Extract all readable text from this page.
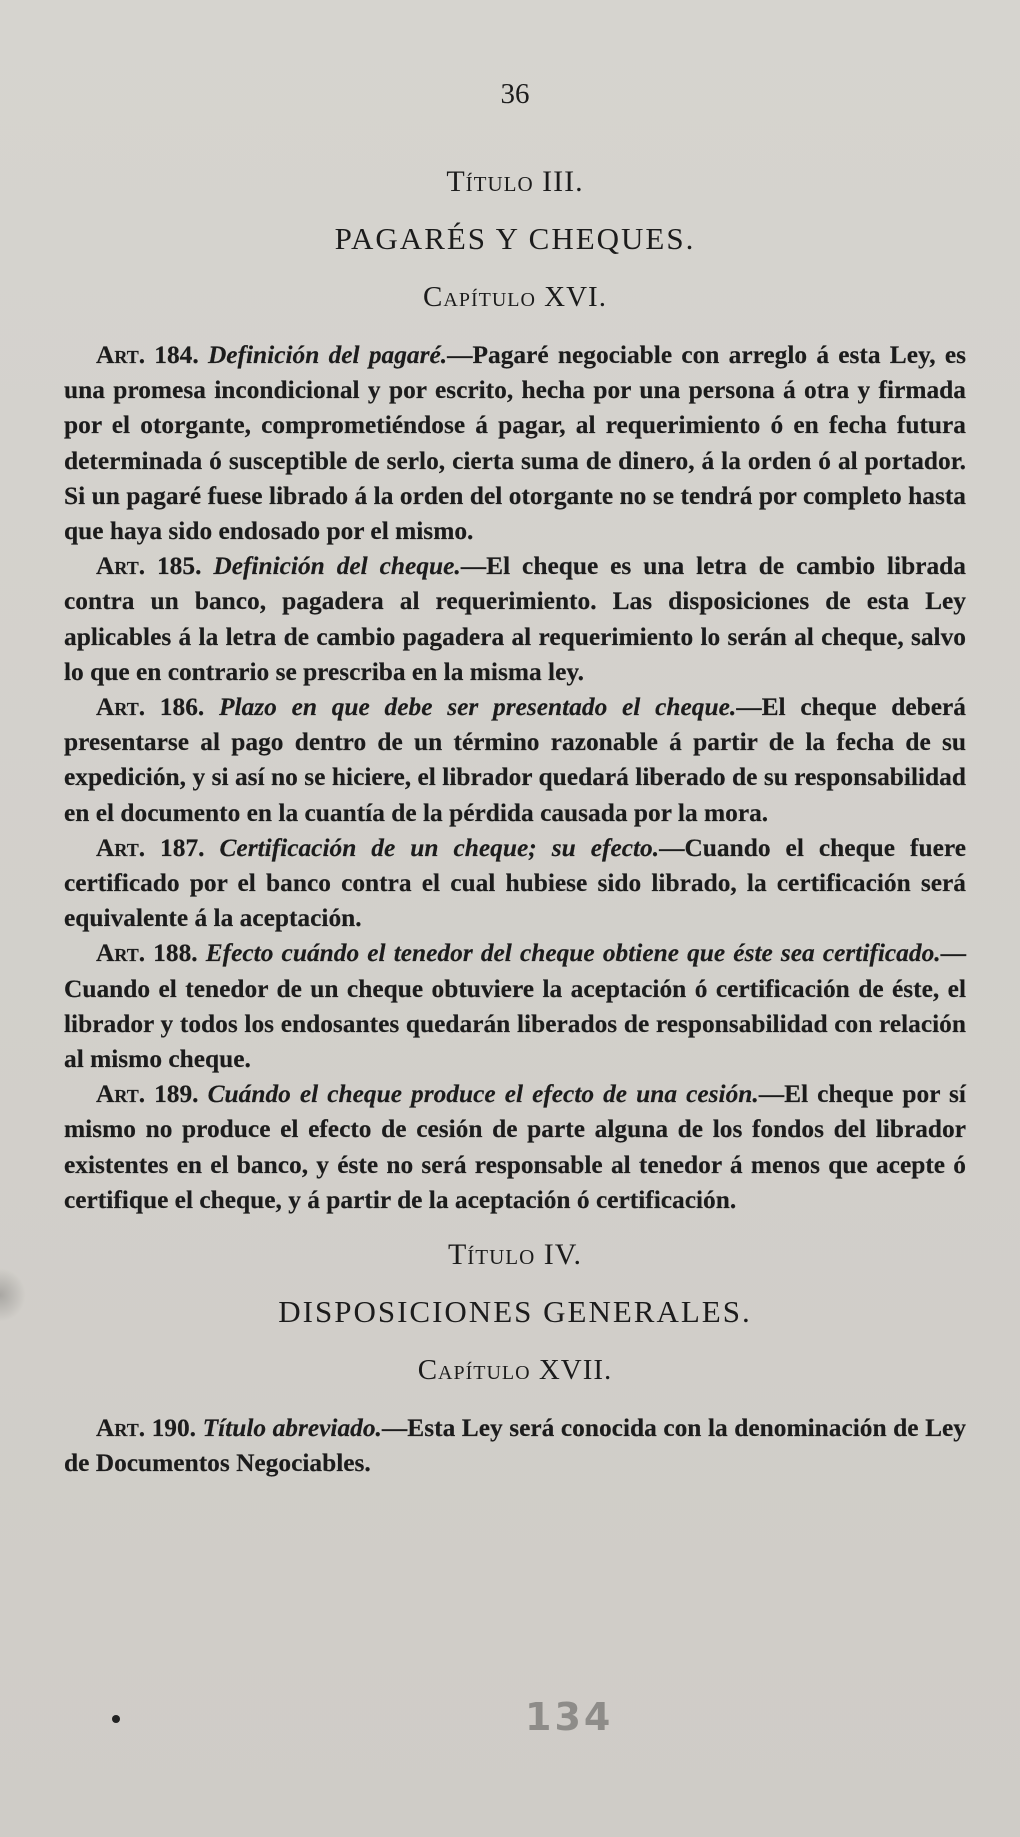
36
Título III.
PAGARÉS Y CHEQUES.
Capítulo XVI.

Art. 184. Definición del pagaré.—Pagaré negociable con arreglo á esta Ley, es una promesa incondicional y por escrito, hecha por una persona á otra y firmada por el otorgante, comprometiéndose á pagar, al requerimiento ó en fecha futura determinada ó susceptible de serlo, cierta suma de dinero, á la orden ó al portador. Si un pagaré fuese librado á la orden del otorgante no se tendrá por completo hasta que haya sido endosado por el mismo.

Art. 185. Definición del cheque.—El cheque es una letra de cambio librada contra un banco, pagadera al requerimiento. Las disposiciones de esta Ley aplicables á la letra de cambio pagadera al requerimiento lo serán al cheque, salvo lo que en contrario se prescriba en la misma ley.

Art. 186. Plazo en que debe ser presentado el cheque.—El cheque deberá presentarse al pago dentro de un término razonable á partir de la fecha de su expedición, y si así no se hiciere, el librador quedará liberado de su responsabilidad en el documento en la cuantía de la pérdida causada por la mora.

Art. 187. Certificación de un cheque; su efecto.—Cuando el cheque fuere certificado por el banco contra el cual hubiese sido librado, la certificación será equivalente á la aceptación.

Art. 188. Efecto cuándo el tenedor del cheque obtiene que éste sea certificado.—Cuando el tenedor de un cheque obtuviere la aceptación ó certificación de éste, el librador y todos los endosantes quedarán liberados de responsabilidad con relación al mismo cheque.

Art. 189. Cuándo el cheque produce el efecto de una cesión.—El cheque por sí mismo no produce el efecto de cesión de parte alguna de los fondos del librador existentes en el banco, y éste no será responsable al tenedor á menos que acepte ó certifique el cheque, y á partir de la aceptación ó certificación.

Título IV.
DISPOSICIONES GENERALES.
Capítulo XVII.

Art. 190. Título abreviado.—Esta Ley será conocida con la denominación de Ley de Documentos Negociables.

134
